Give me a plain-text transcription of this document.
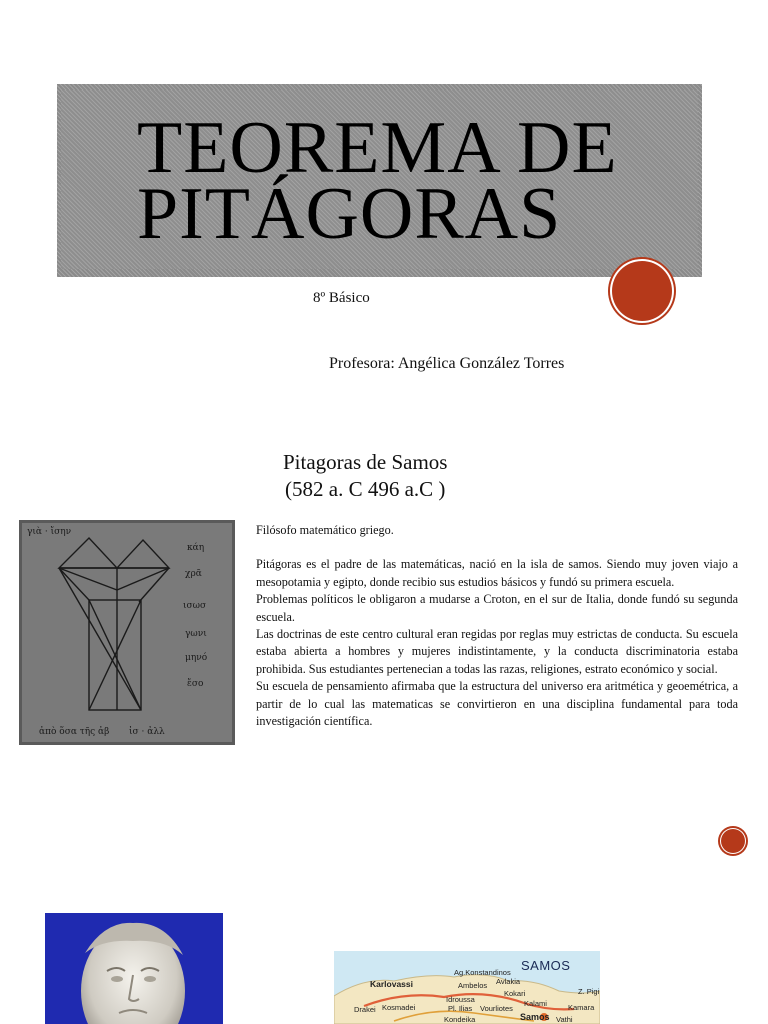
TEOREMA DE
PITÁGORAS
8º Básico
Profesora: Angélica González Torres
Pitagoras de Samos
(582 a. C 496 a.C )
γιὰ · ἴσην
κάη
χρᾶ
ισωσ
γωνι
μηνό
ἔσο
ἀπὸ ὅσα τῆς ἀβ ἰσ · ἀλλ

Filósofo matemático griego.

Pitágoras es el padre de las matemáticas, nació en la isla de samos. Siendo muy joven viajo a mesopotamia y egipto, donde recibio sus estudios básicos y fundó su primera escuela.

Problemas políticos le obligaron a mudarse a Croton, en el sur de Italia, donde fundó su segunda escuela.

Las doctrinas de este centro cultural eran regidas por reglas muy estrictas de conducta. Su escuela estaba abierta a hombres y mujeres indistintamente, y la conducta discriminatoria estaba prohibida. Sus estudiantes pertenecian a todas las razas, religiones, estrato económico y social.

Su escuela de pensamiento afirmaba que la estructura del universo era aritmética y geoemétrica, a partir de lo cual las matematicas se convirtieron en una disciplina fundamental para toda investigación científica.

SAMOS
Karlovassi
Ag.Konstandinos
Ambelos Avlakia
Kokari
Drakei Kosmadei
Idroussa
Pl. Ilias Vourliotes
Samos Vathi
Kamara
Kondeika
Z. Pigi
Kalami
